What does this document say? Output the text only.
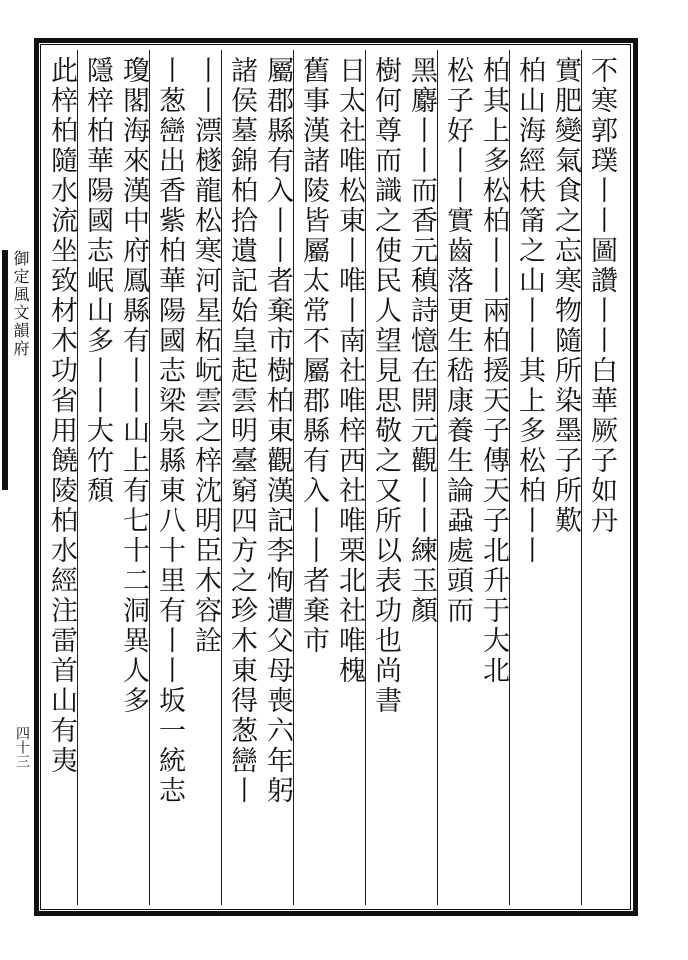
御定風文韻府
四十三
不寒郭璞丨丨圖讚丨丨白華厥子如丹
實肥變氣食之忘寒物隨所染墨子所歎
柏山海經枎筩之山丨丨其上多松柏丨丨
柏其上多松柏丨丨兩柏援天子傳天子北升于大北
松子好丨丨實齒落更生嵇康養生論蝨處頭而
黑麝丨丨而香元稹詩憶在開元觀丨丨練玉顏
樹何尊而識之使民人望見思敬之又所以表功也尚書
日太社唯松東丨唯丨南社唯梓西社唯栗北社唯槐
舊事漢諸陵皆屬太常不屬郡縣有入丨丨者棄市
屬郡縣有入丨丨者棄市樹柏東觀漢記李恂遭父母喪六年躬
諸侯墓錦柏拾遺記始皇起雲明臺窮四方之珍木東得葱巒丨
丨丨漂檖龍松寒河星柘岏雲之梓沈明臣木容詮
丨葱巒出香紫柏華陽國志梁泉縣東八十里有丨丨坂一統志
瓊閣海來漢中府鳳縣有丨丨山上有七十二洞異人多
隱梓柏華陽國志岷山多丨丨大竹頹
此梓柏隨水流坐致材木功省用饒陵柏水經注雷首山有夷
